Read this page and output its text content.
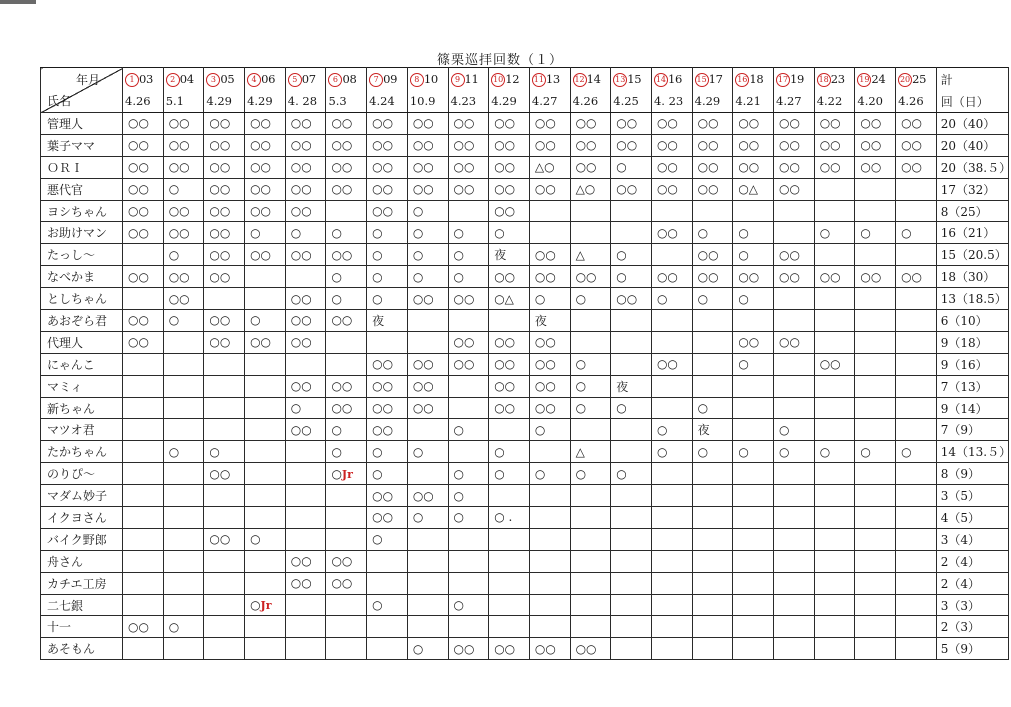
篠栗巡拝回数（１）
年月
氏名	1 03	2 04	3 05	4 06	5 07	6 08	7 09	8 10	9 11	10 12	11 13	12 14	13 15	14 16	15 17	16 18	17 19	18 23	19 24	20 25	計
	4.26	5.1	4.29	4.29	4. 28	5.3	4.24	10.9	4.23	4.29	4.27	4.26	4.25	4. 23	4.29	4.21	4.27	4.22	4.20	4.26	回（日）
管理人	○○	○○	○○	○○	○○	○○	○○	○○	○○	○○	○○	○○	○○	○○	○○	○○	○○	○○	○○	○○	20（40）
葉子ママ	○○	○○	○○	○○	○○	○○	○○	○○	○○	○○	○○	○○	○○	○○	○○	○○	○○	○○	○○	○○	20（40）
ＯＲＩ	○○	○○	○○	○○	○○	○○	○○	○○	○○	○○	△○	○○	○	○○	○○	○○	○○	○○	○○	○○	20（38.５）
悪代官	○○	○	○○	○○	○○	○○	○○	○○	○○	○○	○○	△○	○○	○○	○○	○△	○○				17（32）
ヨシちゃん	○○	○○	○○	○○	○○		○○	○		○○											8（25）
お助けマン	○○	○○	○○	○	○	○	○	○	○	○				○○	○	○		○	○	○	16（21）
たっし～		○	○○	○○	○○	○○	○	○	○	夜	○○	△	○		○○	○	○○				15（20.5）
なべかま	○○	○○	○○			○	○	○	○	○○	○○	○○	○	○○	○○	○○	○○	○○	○○	○○	18（30）
としちゃん		○○			○○	○	○	○○	○○	○△	○	○	○○	○	○	○					13（18.5）
あおぞら君	○○	○	○○	○	○○	○○	夜				夜										6（10）
代理人	○○		○○	○○	○○				○○	○○	○○					○○	○○				9（18）
にゃんこ							○○	○○	○○	○○	○○	○		○○		○		○○			9（16）
マミィ					○○	○○	○○	○○		○○	○○	○	夜								7（13）
新ちゃん					○	○○	○○	○○		○○	○○	○	○		○						9（14）
マツオ君					○○	○	○○		○		○			○	夜		○				7（9）
たかちゃん		○	○			○	○	○		○		△		○	○	○	○	○	○	○	14（13.５）
のりぴ～			○○			○Jr	○		○	○	○	○	○								8（9）
マダム妙子							○○	○○	○												3（5）
イクヨさん							○○	○	○	○ .											4（5）
バイク野郎			○○	○			○														3（4）
舟さん					○○	○○															2（4）
カチエ工房					○○	○○															2（4）
二七銀				○Jr			○		○												3（3）
十一	○○	○																			2（3）
あそもん								○	○○	○○	○○	○○									5（9）
